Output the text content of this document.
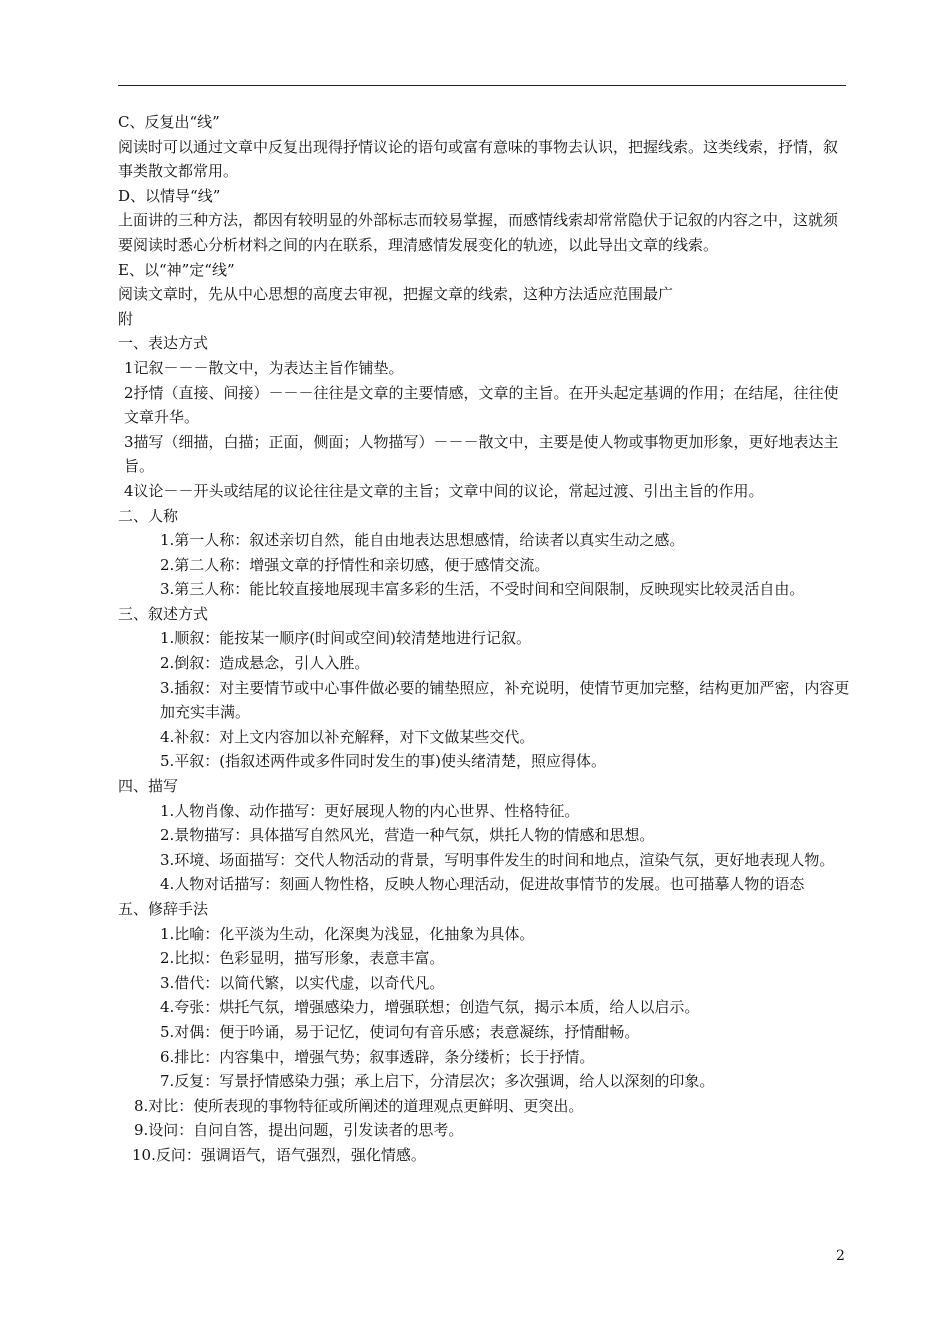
C、反复出“线”

阅读时可以通过文章中反复出现得抒情议论的语句或富有意味的事物去认识，把握线索。这类线索，抒情，叙事类散文都常用。

D、以情导“线”

上面讲的三种方法，都因有较明显的外部标志而较易掌握，而感情线索却常常隐伏于记叙的内容之中，这就须要阅读时悉心分析材料之间的内在联系，理清感情发展变化的轨迹，以此导出文章的线索。

E、以“神”定“线”

阅读文章时，先从中心思想的高度去审视，把握文章的线索，这种方法适应范围最广

附

一、表达方式

1记叙－－－散文中，为表达主旨作铺垫。

2抒情（直接、间接）－－－往往是文章的主要情感，文章的主旨。在开头起定基调的作用；在结尾，往往使文章升华。

3描写（细描，白描；正面，侧面；人物描写）－－－散文中，主要是使人物或事物更加形象，更好地表达主旨。

4议论－－开头或结尾的议论往往是文章的主旨；文章中间的议论，常起过渡、引出主旨的作用。

二、人称

1.第一人称：叙述亲切自然，能自由地表达思想感情，给读者以真实生动之感。

2.第二人称：增强文章的抒情性和亲切感，便于感情交流。

3.第三人称：能比较直接地展现丰富多彩的生活，不受时间和空间限制，反映现实比较灵活自由。

三、叙述方式

1.顺叙：能按某一顺序(时间或空间)较清楚地进行记叙。

2.倒叙：造成悬念，引人入胜。

3.插叙：对主要情节或中心事件做必要的铺垫照应，补充说明，使情节更加完整，结构更加严密，内容更加充实丰满。

4.补叙：对上文内容加以补充解释，对下文做某些交代。

5.平叙：(指叙述两件或多件同时发生的事)使头绪清楚，照应得体。

四、描写

1.人物肖像、动作描写：更好展现人物的内心世界、性格特征。

2.景物描写：具体描写自然风光，营造一种气氛，烘托人物的情感和思想。

3.环境、场面描写：交代人物活动的背景，写明事件发生的时间和地点，渲染气氛，更好地表现人物。

4.人物对话描写：刻画人物性格，反映人物心理活动，促进故事情节的发展。也可描摹人物的语态

五、修辞手法

1.比喻：化平淡为生动，化深奥为浅显，化抽象为具体。

2.比拟：色彩显明，描写形象，表意丰富。

3.借代：以简代繁，以实代虚，以奇代凡。

4.夸张：烘托气氛，增强感染力，增强联想；创造气氛，揭示本质，给人以启示。

5.对偶：便于吟诵，易于记忆，使词句有音乐感；表意凝练，抒情酣畅。

6.排比：内容集中，增强气势；叙事透辟，条分缕析；长于抒情。

7.反复：写景抒情感染力强；承上启下，分清层次；多次强调，给人以深刻的印象。

8.对比：使所表现的事物特征或所阐述的道理观点更鲜明、更突出。

9.设问：自问自答，提出问题，引发读者的思考。

10.反问：强调语气，语气强烈，强化情感。

2
